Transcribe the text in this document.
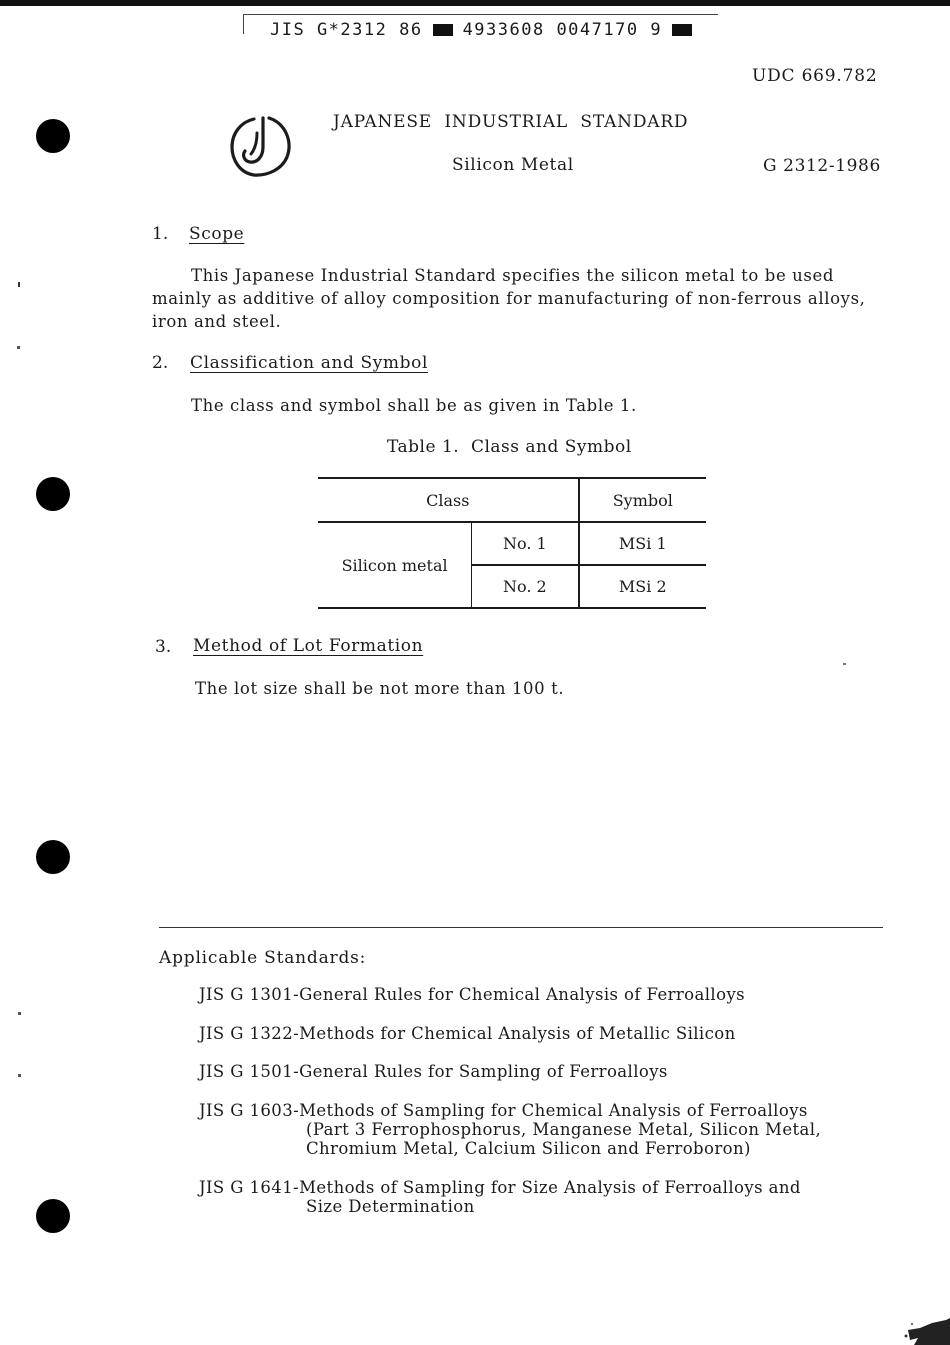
JIS G*2312 86 4933608 0047170 9
UDC 669.782
JAPANESE  INDUSTRIAL  STANDARD
Silicon Metal	G 2312-1986
1. Scope
This Japanese Industrial Standard specifies the silicon metal to be used mainly as additive of alloy composition for manufacturing of non-ferrous alloys, iron and steel.
2. Classification and Symbol
The class and symbol shall be as given in Table 1.
Table 1.  Class and Symbol
Class		Symbol
Silicon metal	No. 1	MSi 1
	No. 2	MSi 2
3. Method of Lot Formation
The lot size shall be not more than 100 t.
Applicable Standards:
JIS G 1301-General Rules for Chemical Analysis of Ferroalloys
JIS G 1322-Methods for Chemical Analysis of Metallic Silicon
JIS G 1501-General Rules for Sampling of Ferroalloys
JIS G 1603-Methods of Sampling for Chemical Analysis of Ferroalloys
(Part 3 Ferrophosphorus, Manganese Metal, Silicon Metal,
Chromium Metal, Calcium Silicon and Ferroboron)
JIS G 1641-Methods of Sampling for Size Analysis of Ferroalloys and
Size Determination
